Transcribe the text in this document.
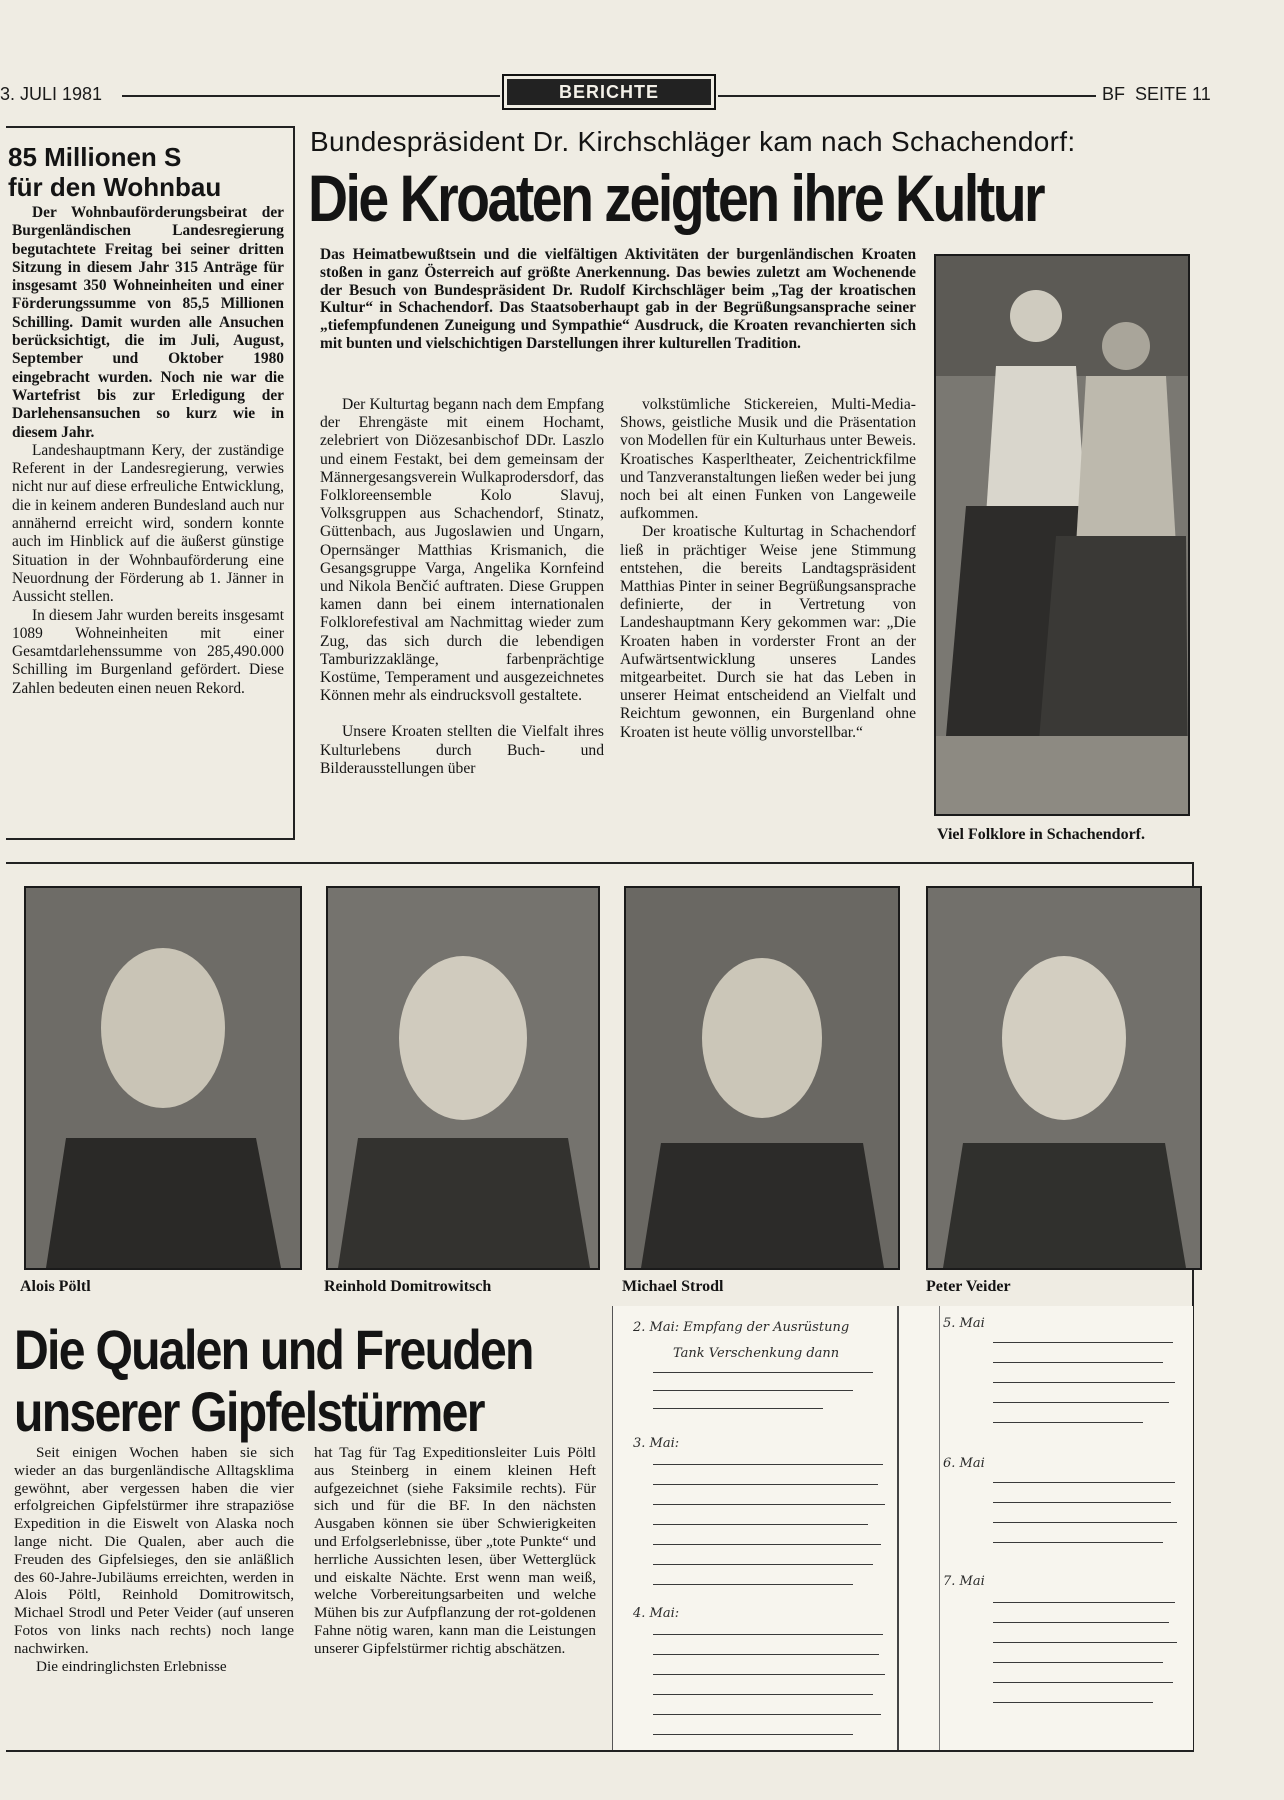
3. JULI 1981	BERICHTE	BF  SEITE 11
85 Millionen S
für den Wohnbau

Der Wohnbauförderungsbeirat der Burgenländischen Landesregierung begutachtete Freitag bei seiner dritten Sitzung in diesem Jahr 315 Anträge für insgesamt 350 Wohneinheiten und einer Förderungssumme von 85,5 Millionen Schilling. Damit wurden alle Ansuchen berücksichtigt, die im Juli, August, September und Oktober 1980 eingebracht wurden. Noch nie war die Wartefrist bis zur Erledigung der Darlehensansuchen so kurz wie in diesem Jahr.

Landeshauptmann Kery, der zuständige Referent in der Landesregierung, verwies nicht nur auf diese erfreuliche Entwicklung, die in keinem anderen Bundesland auch nur annähernd erreicht wird, sondern konnte auch im Hinblick auf die äußerst günstige Situation in der Wohnbauförderung eine Neuordnung der Förderung ab 1. Jänner in Aussicht stellen.

In diesem Jahr wurden bereits insgesamt 1089 Wohneinheiten mit einer Gesamtdarlehenssumme von 285,490.000 Schilling im Burgenland gefördert. Diese Zahlen bedeuten einen neuen Rekord.

Bundespräsident Dr. Kirchschläger kam nach Schachendorf:
Die Kroaten zeigten ihre Kultur
Das Heimatbewußtsein und die vielfältigen Aktivitäten der burgenländischen Kroaten stoßen in ganz Österreich auf größte Anerkennung. Das bewies zuletzt am Wochenende der Besuch von Bundespräsident Dr. Rudolf Kirchschläger beim „Tag der kroatischen Kultur“ in Schachendorf. Das Staatsoberhaupt gab in der Begrüßungsansprache seiner „tiefempfundenen Zuneigung und Sympathie“ Ausdruck, die Kroaten revanchierten sich mit bunten und vielschichtigen Darstellungen ihrer kulturellen Tradition.

Der Kulturtag begann nach dem Empfang der Ehrengäste mit einem Hochamt, zelebriert von Diözesanbischof DDr. Laszlo und einem Festakt, bei dem gemeinsam der Männergesangsverein Wulkaprodersdorf, das Folkloreensemble Kolo Slavuj, Volksgruppen aus Schachendorf, Stinatz, Güttenbach, aus Jugoslawien und Ungarn, Opernsänger Matthias Krismanich, die Gesangsgruppe Varga, Angelika Kornfeind und Nikola Benčić auftraten. Diese Gruppen kamen dann bei einem internationalen Folklorefestival am Nachmittag wieder zum Zug, das sich durch die lebendigen Tamburizzaklänge, farbenprächtige Kostüme, Temperament und ausgezeichnetes Können mehr als eindrucksvoll gestaltete.

Unsere Kroaten stellten die Vielfalt ihres Kulturlebens durch Buch- und Bilderausstellungen über

volkstümliche Stickereien, Multi-Media-Shows, geistliche Musik und die Präsentation von Modellen für ein Kulturhaus unter Beweis. Kroatisches Kasperltheater, Zeichentrickfilme und Tanzveranstaltungen ließen weder bei jung noch bei alt einen Funken von Langeweile aufkommen.

Der kroatische Kulturtag in Schachendorf ließ in prächtiger Weise jene Stimmung entstehen, die bereits Landtagspräsident Matthias Pinter in seiner Begrüßungsansprache definierte, der in Vertretung von Landeshauptmann Kery gekommen war: „Die Kroaten haben in vorderster Front an der Aufwärtsentwicklung unseres Landes mitgearbeitet. Durch sie hat das Leben in unserer Heimat entscheidend an Vielfalt und Reichtum gewonnen, ein Burgenland ohne Kroaten ist heute völlig unvorstellbar.“

Viel Folklore in Schachendorf.
Alois Pöltl	Reinhold Domitrowitsch	Michael Strodl	Peter Veider
Die Qualen und Freuden
unserer Gipfelstürmer

Seit einigen Wochen haben sie sich wieder an das burgenländische Alltagsklima gewöhnt, aber vergessen haben die vier erfolgreichen Gipfelstürmer ihre strapaziöse Expedition in die Eiswelt von Alaska noch lange nicht. Die Qualen, aber auch die Freuden des Gipfelsieges, den sie anläßlich des 60-Jahre-Jubiläums erreichten, werden in Alois Pöltl, Reinhold Domitrowitsch, Michael Strodl und Peter Veider (auf unseren Fotos von links nach rechts) noch lange nachwirken.

Die eindringlichsten Erlebnisse

hat Tag für Tag Expeditionsleiter Luis Pöltl aus Steinberg in einem kleinen Heft aufgezeichnet (siehe Faksimile rechts). Für sich und für die BF. In den nächsten Ausgaben können sie über Schwierigkeiten und Erfolgserlebnisse, über „tote Punkte“ und herrliche Aussichten lesen, über Wetterglück und eiskalte Nächte. Erst wenn man weiß, welche Vorbereitungsarbeiten und welche Mühen bis zur Aufpflanzung der rot-goldenen Fahne nötig waren, kann man die Leistungen unserer Gipfelstürmer richtig abschätzen.

2. Mai: Empfang der Ausrüstung
Tank Verschenkung dann
3. Mai:
4. Mai:
5. Mai
6. Mai
7. Mai
